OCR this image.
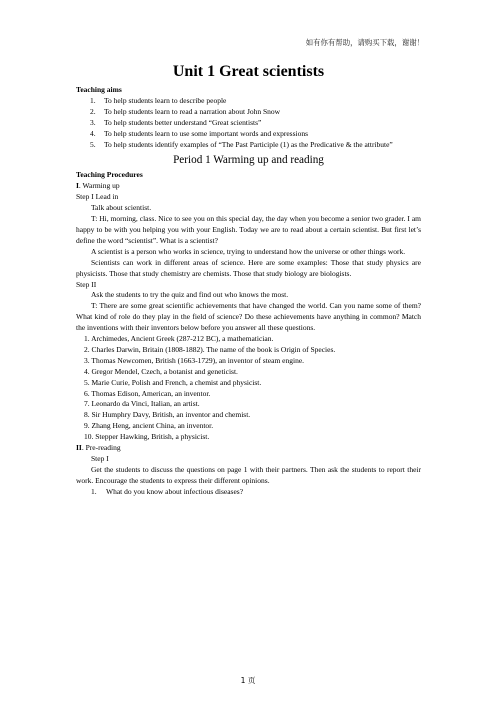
如有你有帮助，请购买下载，谢谢！
Unit 1 Great scientists
Teaching aims
1.	To help students learn to describe people
2.	To help students learn to read a narration about John Snow
3.	To help students better understand “Great scientists”
4.	To help students learn to use some important words and expressions
5.	To help students identify examples of “The Past Participle (1) as the Predicative & the attribute”
Period 1 Warming up and reading
Teaching Procedures
I. Warming up
Step I Lead in
Talk about scientist.
T: Hi, morning, class. Nice to see you on this special day, the day when you become a senior two grader. I am happy to be with you helping you with your English. Today we are to read about a certain scientist. But first let’s define the word “scientist”. What is a scientist?
A scientist is a person who works in science, trying to understand how the universe or other things work.
Scientists can work in different areas of science. Here are some examples: Those that study physics are physicists. Those that study chemistry are chemists. Those that study biology are biologists.
Step II
Ask the students to try the quiz and find out who knows the most.
T: There are some great scientific achievements that have changed the world. Can you name some of them? What kind of role do they play in the field of science? Do these achievements have anything in common? Match the inventions with their inventors below before you answer all these questions.
1. Archimedes, Ancient Greek (287-212 BC), a mathematician.
2. Charles Darwin, Britain (1808-1882). The name of the book is Origin of Species.
3. Thomas Newcomen, British (1663-1729), an inventor of steam engine.
4. Gregor Mendel, Czech, a botanist and geneticist.
5. Marie Curie, Polish and French, a chemist and physicist.
6. Thomas Edison, American, an inventor.
7. Leonardo da Vinci, Italian, an artist.
8. Sir Humphry Davy, British, an inventor and chemist.
9. Zhang Heng, ancient China, an inventor.
10. Stepper Hawking, British, a physicist.
II. Pre-reading
Step I
Get the students to discuss the questions on page 1 with their partners. Then ask the students to report their work. Encourage the students to express their different opinions.
1. What do you know about infectious diseases?
1 页
